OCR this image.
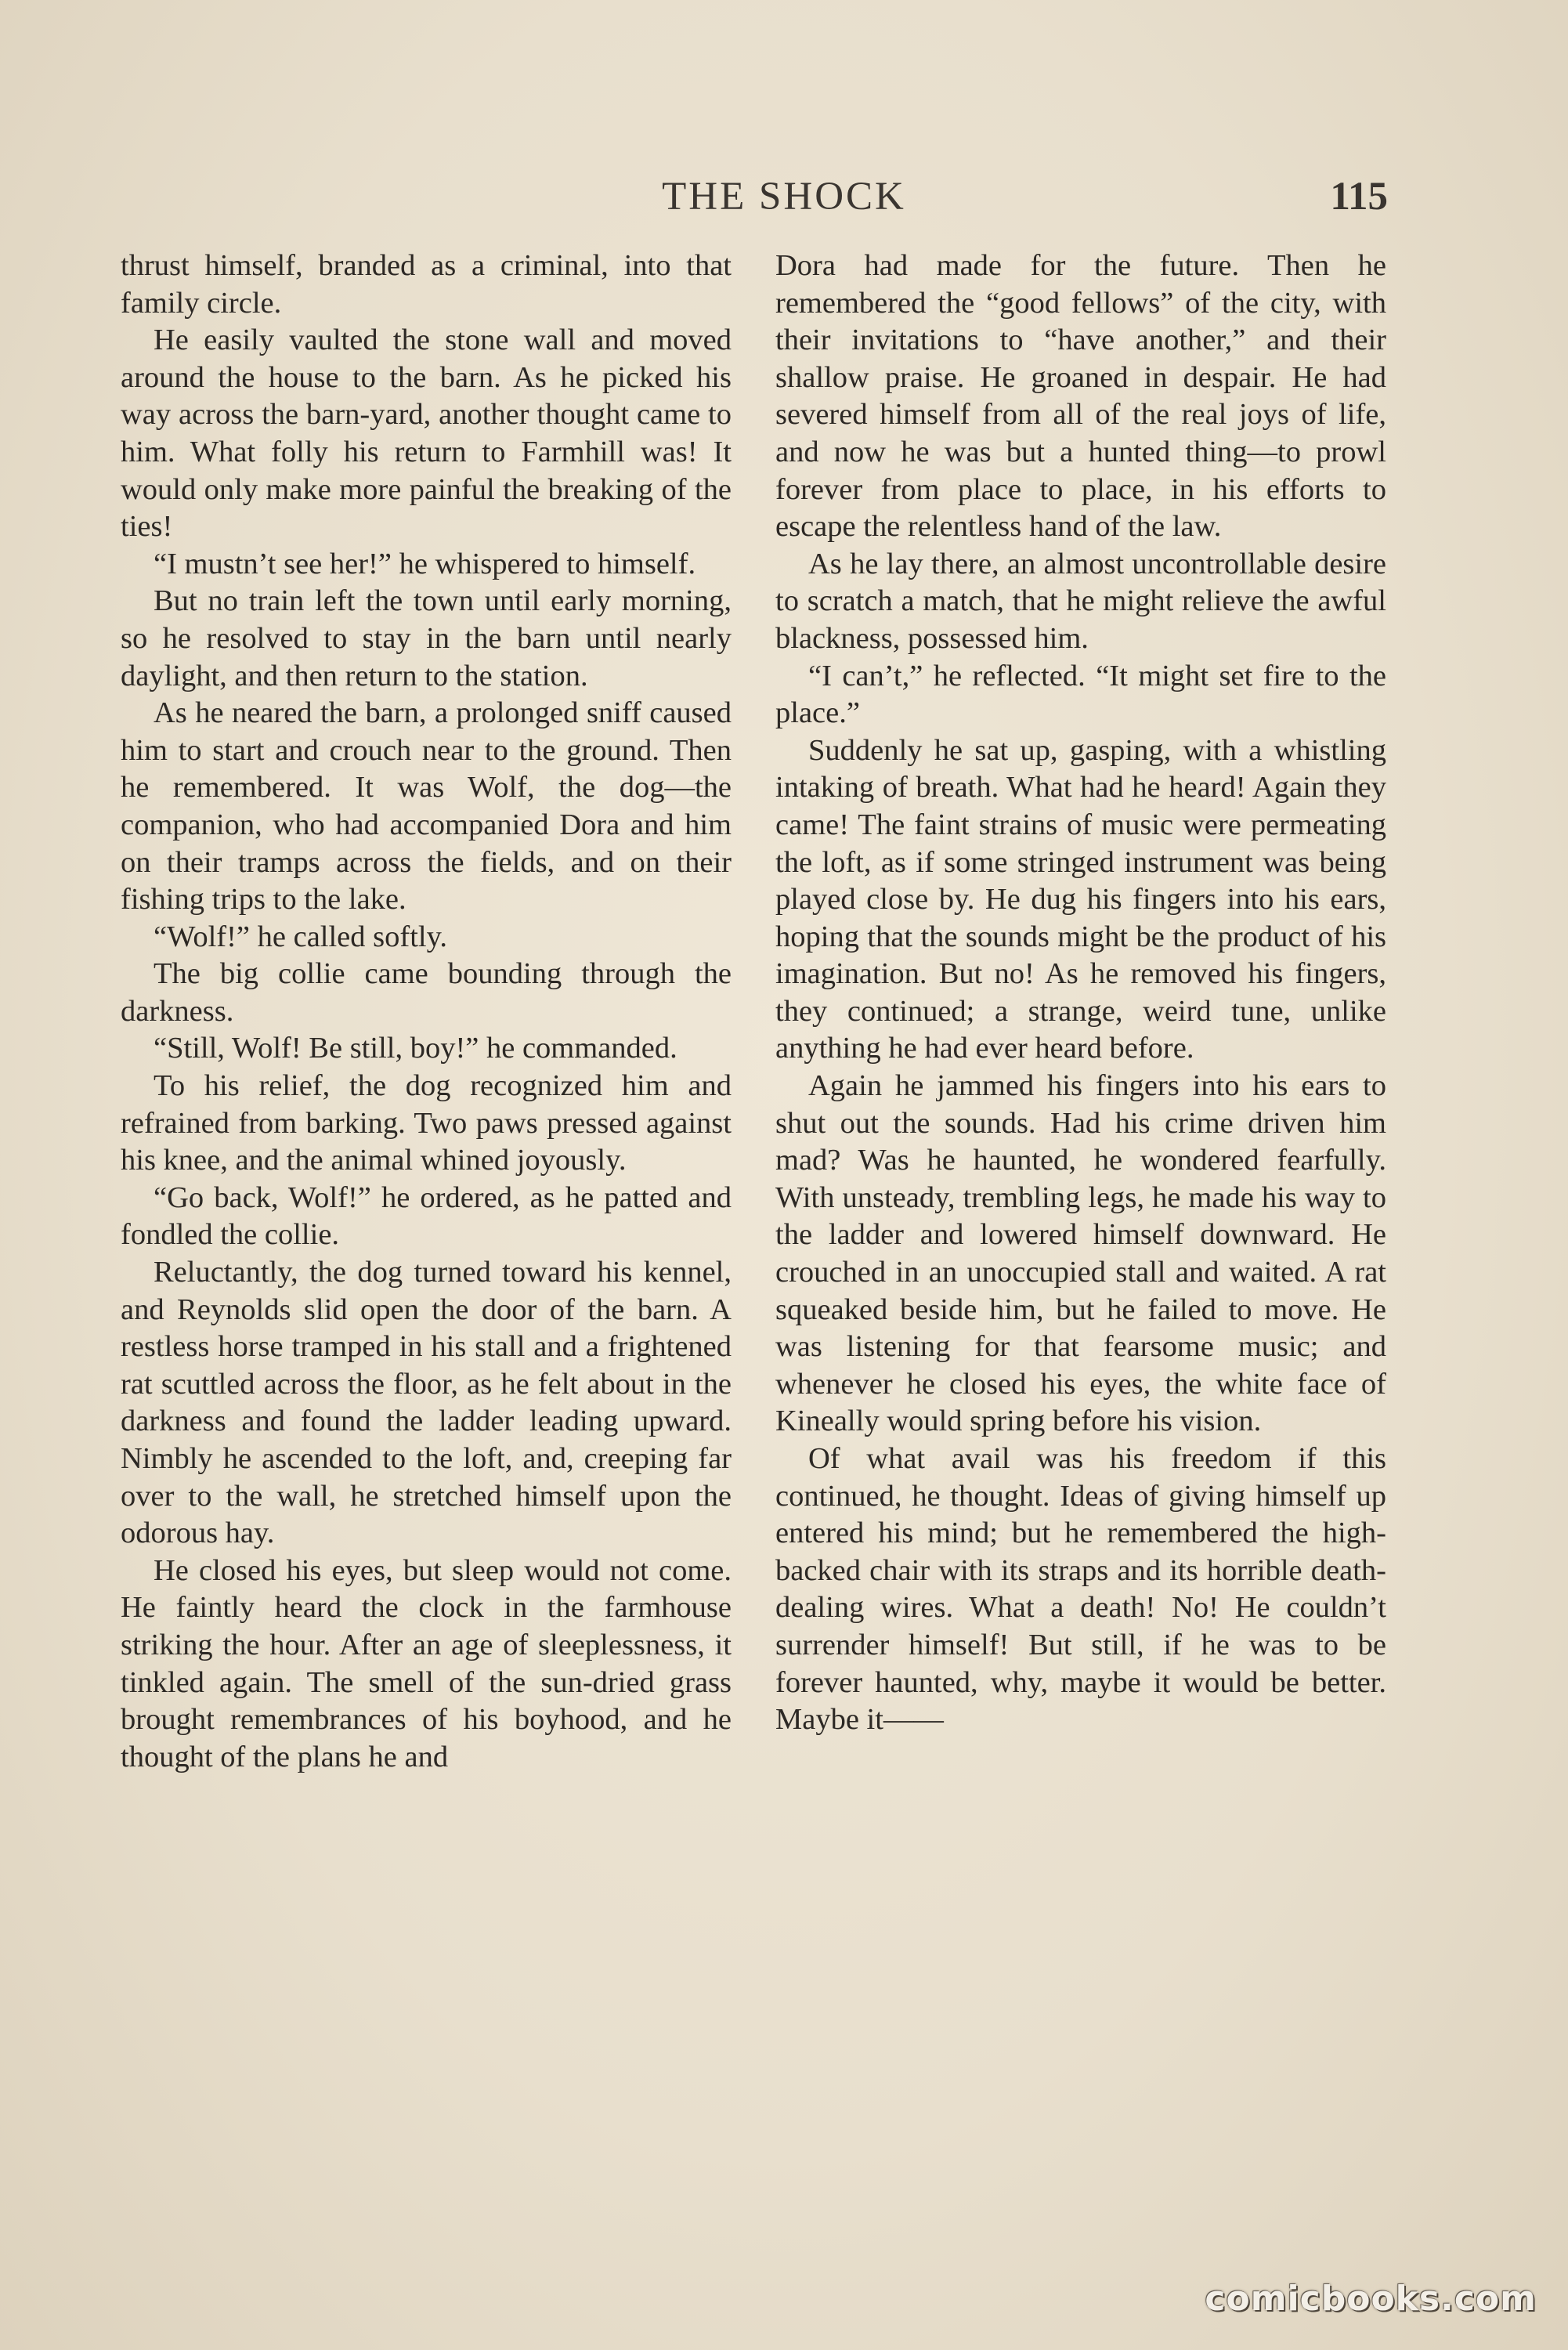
THE SHOCK	115

thrust himself, branded as a criminal, into that family circle.

He easily vaulted the stone wall and moved around the house to the barn. As he picked his way across the barn-yard, another thought came to him. What folly his return to Farmhill was! It would only make more painful the breaking of the ties!

“I mustn’t see her!” he whispered to himself.

But no train left the town until early morning, so he resolved to stay in the barn until nearly daylight, and then return to the station.

As he neared the barn, a prolonged sniff caused him to start and crouch near to the ground. Then he remembered. It was Wolf, the dog—the companion, who had accompanied Dora and him on their tramps across the fields, and on their fishing trips to the lake.

“Wolf!” he called softly.

The big collie came bounding through the darkness.

“Still, Wolf! Be still, boy!” he commanded.

To his relief, the dog recognized him and refrained from barking. Two paws pressed against his knee, and the animal whined joyously.

“Go back, Wolf!” he ordered, as he patted and fondled the collie.

Reluctantly, the dog turned toward his kennel, and Reynolds slid open the door of the barn. A restless horse tramped in his stall and a frightened rat scuttled across the floor, as he felt about in the darkness and found the ladder leading upward. Nimbly he ascended to the loft, and, creeping far over to the wall, he stretched himself upon the odorous hay.

He closed his eyes, but sleep would not come. He faintly heard the clock in the farmhouse striking the hour. After an age of sleeplessness, it tinkled again. The smell of the sun-dried grass brought remembrances of his boyhood, and he thought of the plans he and

Dora had made for the future. Then he remembered the “good fellows” of the city, with their invitations to “have another,” and their shallow praise. He groaned in despair. He had severed himself from all of the real joys of life, and now he was but a hunted thing—to prowl forever from place to place, in his efforts to escape the relentless hand of the law.

As he lay there, an almost uncontrollable desire to scratch a match, that he might relieve the awful blackness, possessed him.

“I can’t,” he reflected. “It might set fire to the place.”

Suddenly he sat up, gasping, with a whistling intaking of breath. What had he heard! Again they came! The faint strains of music were permeating the loft, as if some stringed instrument was being played close by. He dug his fingers into his ears, hoping that the sounds might be the product of his imagination. But no! As he removed his fingers, they continued; a strange, weird tune, unlike anything he had ever heard before.

Again he jammed his fingers into his ears to shut out the sounds. Had his crime driven him mad? Was he haunted, he wondered fearfully. With unsteady, trembling legs, he made his way to the ladder and lowered himself downward. He crouched in an unoccupied stall and waited. A rat squeaked beside him, but he failed to move. He was listening for that fearsome music; and whenever he closed his eyes, the white face of Kineally would spring before his vision.

Of what avail was his freedom if this continued, he thought. Ideas of giving himself up entered his mind; but he remembered the high-backed chair with its straps and its horrible death-dealing wires. What a death! No! He couldn’t surrender himself! But still, if he was to be forever haunted, why, maybe it would be better. Maybe it——

comicbooks.com
